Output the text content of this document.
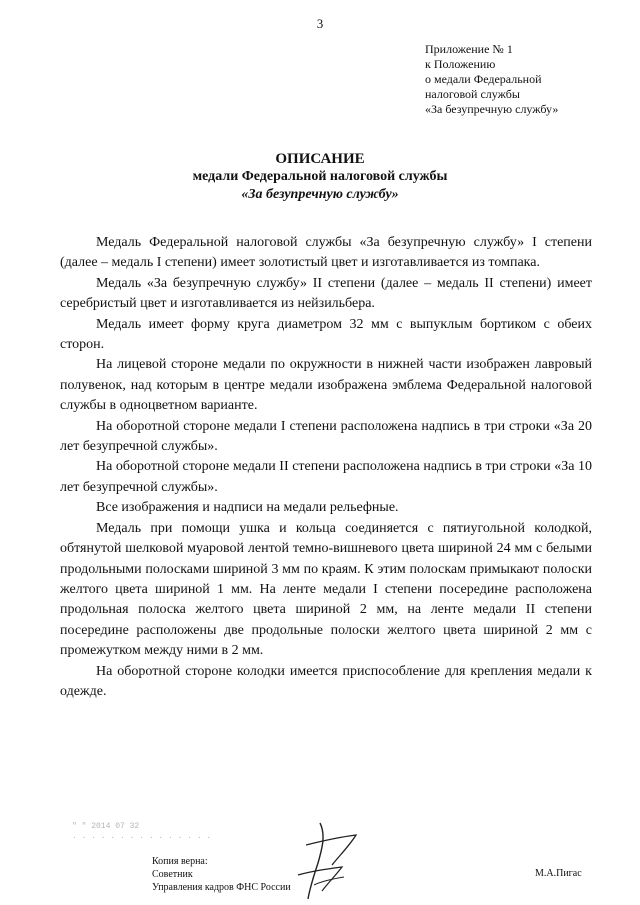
3
Приложение № 1
к Положению
о медали Федеральной
налоговой службы
«За безупречную службу»
ОПИСАНИЕ
медали Федеральной налоговой службы
«За безупречную службу»

Медаль Федеральной налоговой службы «За безупречную службу» I степени (далее – медаль I степени) имеет золотистый цвет и изготавливается из томпака.

Медаль «За безупречную службу» II степени (далее – медаль II степени) имеет серебристый цвет и изготавливается из нейзильбера.

Медаль имеет форму круга диаметром 32 мм с выпуклым бортиком с обеих сторон.

На лицевой стороне медали по окружности в нижней части изображен лавровый полувенок, над которым в центре медали изображена эмблема Федеральной налоговой службы в одноцветном варианте.

На оборотной стороне медали I степени расположена надпись в три строки «За 20 лет безупречной службы».

На оборотной стороне медали II степени расположена надпись в три строки «За 10 лет безупречной службы».

Все изображения и надписи на медали рельефные.

Медаль при помощи ушка и кольца соединяется с пятиугольной колодкой, обтянутой шелковой муаровой лентой темно-вишневого цвета шириной 24 мм с белыми продольными полосками шириной 3 мм по краям. К этим полоскам примыкают полоски желтого цвета шириной 1 мм. На ленте медали I степени посередине расположена продольная полоска желтого цвета шириной 2 мм, на ленте медали II степени посередине расположены две продольные полоски желтого цвета шириной 2 мм с промежутком между ними в 2 мм.

На оборотной стороне колодки имеется приспособление для крепления медали к одежде.

" " 2014 07 32
. . . . . . . . . . . . . . .
Копия верна:
Советник
Управления кадров ФНС России
М.А.Пигас
